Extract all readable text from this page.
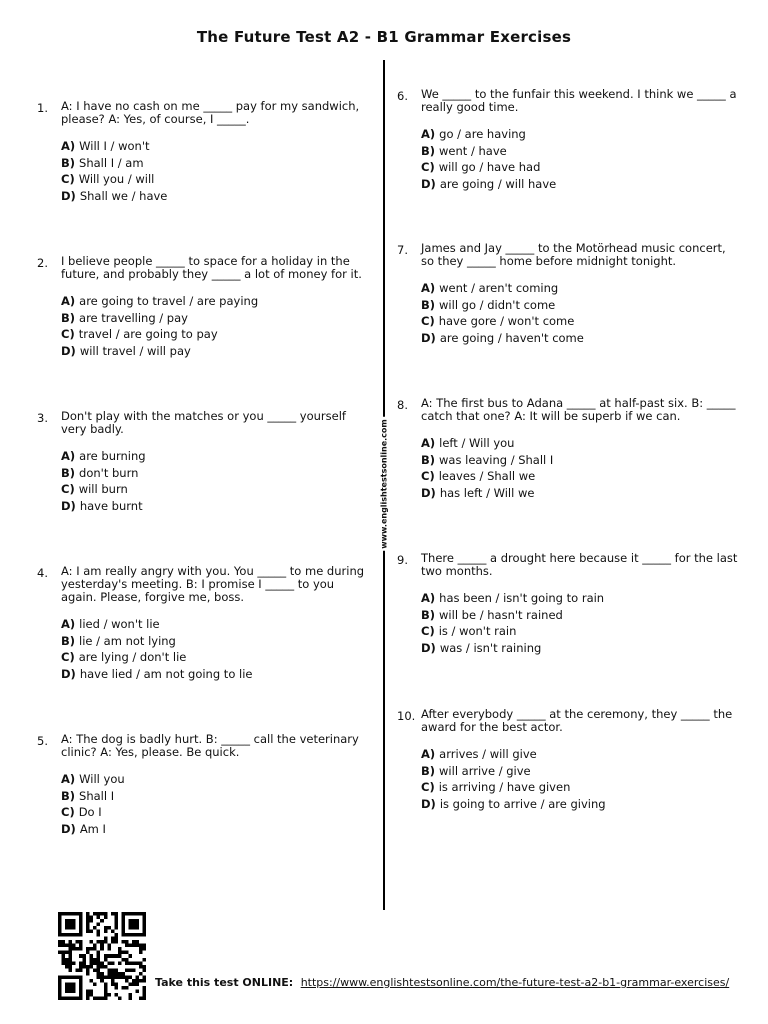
The Future Test A2 - B1 Grammar Exercises
www.englishtestsonline.com
1. A: I have no cash on me _____ pay for my sandwich, please? A: Yes, of course, I _____.
A) Will I / won't
B) Shall I / am
C) Will you / will
D) Shall we / have
2. I believe people _____ to space for a holiday in the future, and probably they _____ a lot of money for it.
A) are going to travel / are paying
B) are travelling / pay
C) travel / are going to pay
D) will travel / will pay
3. Don't play with the matches or you _____ yourself very badly.
A) are burning
B) don't burn
C) will burn
D) have burnt
4. A: I am really angry with you. You _____ to me during yesterday's meeting. B: I promise I _____ to you again. Please, forgive me, boss.
A) lied / won't lie
B) lie / am not lying
C) are lying / don't lie
D) have lied / am not going to lie
5. A: The dog is badly hurt. B: _____ call the veterinary clinic? A: Yes, please. Be quick.
A) Will you
B) Shall I
C) Do I
D) Am I
6. We _____ to the funfair this weekend. I think we _____ a really good time.
A) go / are having
B) went / have
C) will go / have had
D) are going / will have
7. James and Jay _____ to the Motörhead music concert, so they _____ home before midnight tonight.
A) went / aren't coming
B) will go / didn't come
C) have gore / won't come
D) are going / haven't come
8. A: The first bus to Adana _____ at half-past six. B: _____ catch that one? A: It will be superb if we can.
A) left / Will you
B) was leaving / Shall I
C) leaves / Shall we
D) has left / Will we
9. There _____ a drought here because it _____ for the last two months.
A) has been / isn't going to rain
B) will be / hasn't rained
C) is / won't rain
D) was / isn't raining
10. After everybody _____ at the ceremony, they _____ the award for the best actor.
A) arrives / will give
B) will arrive / give
C) is arriving / have given
D) is going to arrive / are giving
Take this test ONLINE: https://www.englishtestsonline.com/the-future-test-a2-b1-grammar-exercises/
